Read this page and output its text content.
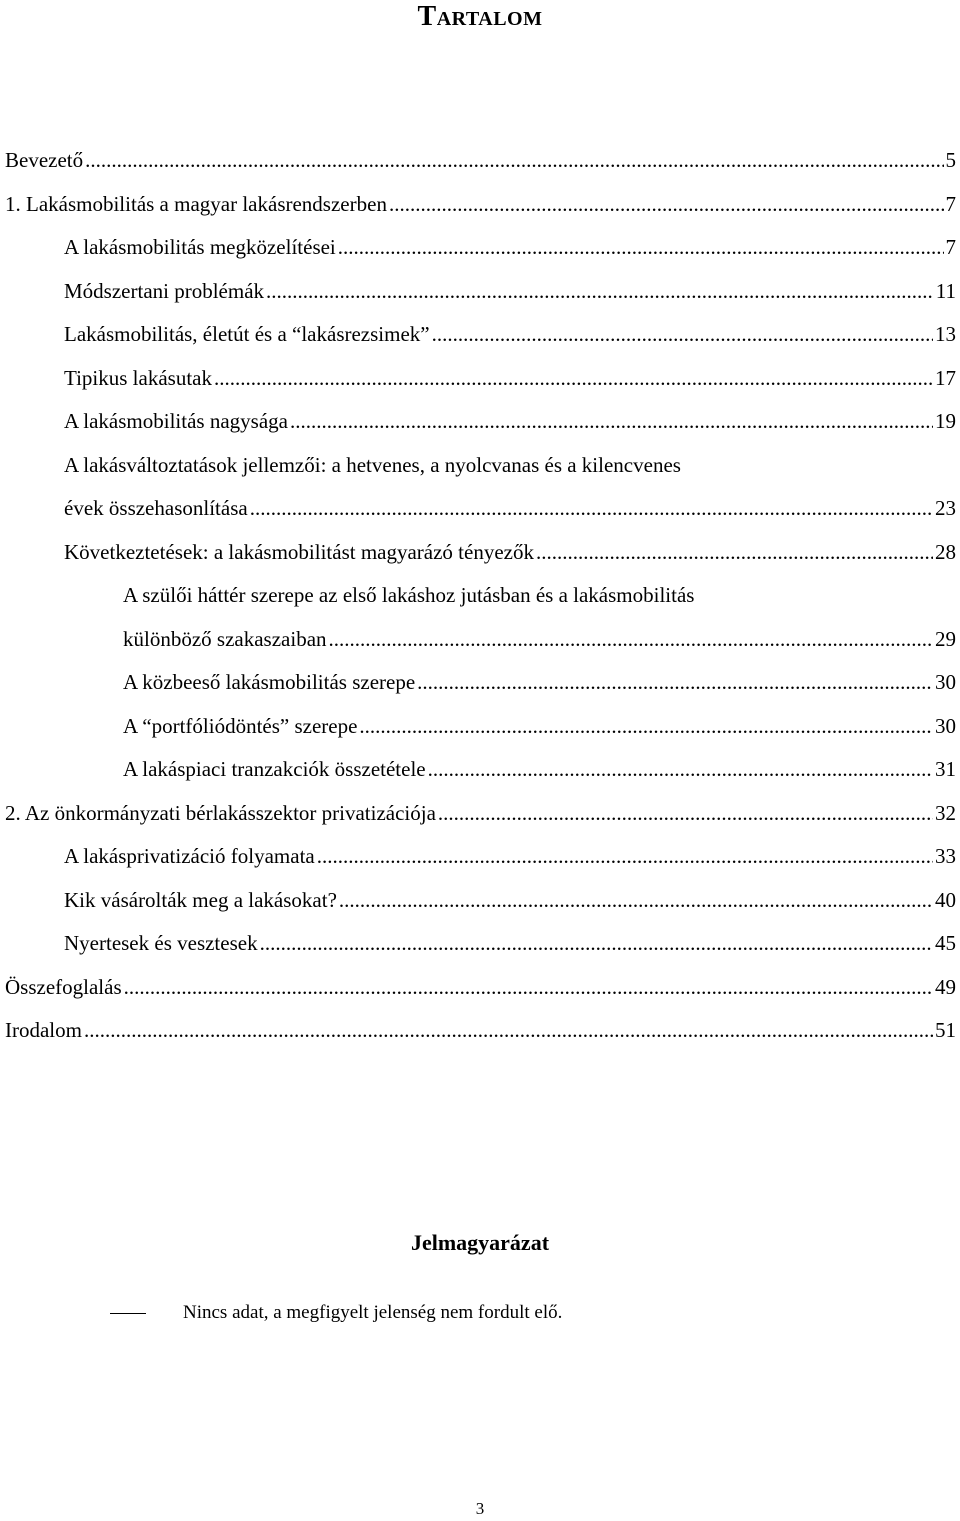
Tartalom
Bevezető .....	5
1. Lakásmobilitás a magyar lakásrendszerben .....	7
A lakásmobilitás megközelítései .....	7
Módszertani problémák .....	11
Lakásmobilitás, életút és a “lakásrezsimek” .....	13
Tipikus lakásutak .....	17
A lakásmobilitás nagysága .....	19
A lakásváltoztatások jellemzői: a hetvenes, a nyolcvanas és a kilencvenes
évek összehasonlítása .....	23
Következtetések: a lakásmobilitást magyarázó tényezők .....	28
A szülői háttér szerepe az első lakáshoz jutásban és a lakásmobilitás
különböző szakaszaiban .....	29
A közbeeső lakásmobilitás szerepe .....	30
A “portfóliódöntés” szerepe .....	30
A lakáspiaci tranzakciók összetétele .....	31
2. Az önkormányzati bérlakásszektor privatizációja .....	32
A lakásprivatizáció folyamata .....	33
Kik vásárolták meg a lakásokat? .....	40
Nyertesek és vesztesek .....	45
Összefoglalás .....	49
Irodalom .....	51
Jelmagyarázat
Nincs adat, a megfigyelt jelenség nem fordult elő.
3
